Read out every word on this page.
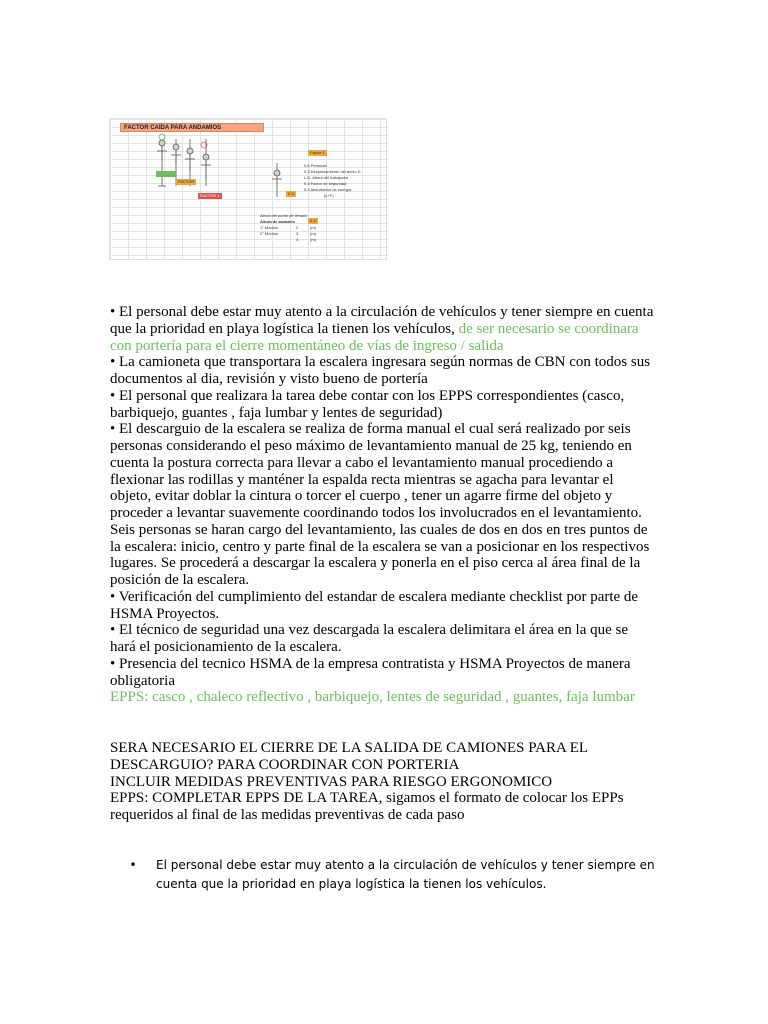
FACTOR CAÍDA PARA ANDAMIOS
FACTOR
FACTOR
FACTOR 2
Factor 1
0.6 Personal
0.3 Desplazamiento del anclo D
L.D. Altura del trabajador
0.3 Factor de seguridad
0.3 Absorbedor de energía
(L+F)
0.3
Altura del punto de llenado
Altura de andamio	0.3
1° Módulo	2	(m)
2° Módulo	3	(m)
4	(m)

• El personal debe estar muy atento a la circulación de vehículos y tener siempre en cuenta que la prioridad en playa logística la tienen los vehículos, de ser necesario se coordinara con portería para el cierre momentáneo de vías de ingreso / salida

• La camioneta que transportara la escalera ingresara según normas de CBN con todos sus documentos al dia, revisión y visto bueno de portería

• El personal que realizara la tarea debe contar con los EPPS correspondientes (casco, barbiquejo, guantes , faja lumbar y lentes de seguridad)

• El descarguio de la escalera se realiza de forma manual el cual será realizado por seis personas considerando el peso máximo de levantamiento manual de 25 kg, teniendo en cuenta la postura correcta para llevar a cabo el levantamiento manual procediendo a flexionar las rodillas y manténer la espalda recta mientras se agacha para levantar el objeto, evitar doblar la cintura o torcer el cuerpo , tener un agarre firme del objeto y proceder a levantar suavemente coordinando todos los involucrados en el levantamiento.

Seis personas se haran cargo del levantamiento, las cuales de dos en dos en tres puntos de la escalera: inicio, centro y parte final de la escalera se van a posicionar en los respectivos lugares. Se procederá a descargar la escalera y ponerla en el piso cerca al área final de la posición de la escalera.

• Verificación del cumplimiento del estandar de escalera mediante checklist por parte de HSMA Proyectos.

• El técnico de seguridad una vez descargada la escalera delimitara el área en la que se hará el posicionamiento de la escalera.

• Presencia del tecnico HSMA de la empresa contratista y HSMA Proyectos de manera obligatoria

EPPS: casco , chaleco reflectivo , barbiquejo, lentes de seguridad , guantes, faja lumbar

SERA NECESARIO EL CIERRE DE LA SALIDA DE CAMIONES PARA EL DESCARGUIO? PARA COORDINAR CON PORTERIA

INCLUIR MEDIDAS PREVENTIVAS PARA RIESGO ERGONOMICO

EPPS: COMPLETAR EPPS DE LA TAREA, sigamos el formato de colocar los EPPs requeridos al final de las medidas preventivas de cada paso

•	El personal debe estar muy atento a la circulación de vehículos y tener siempre en cuenta que la prioridad en playa logística la tienen los vehículos.
